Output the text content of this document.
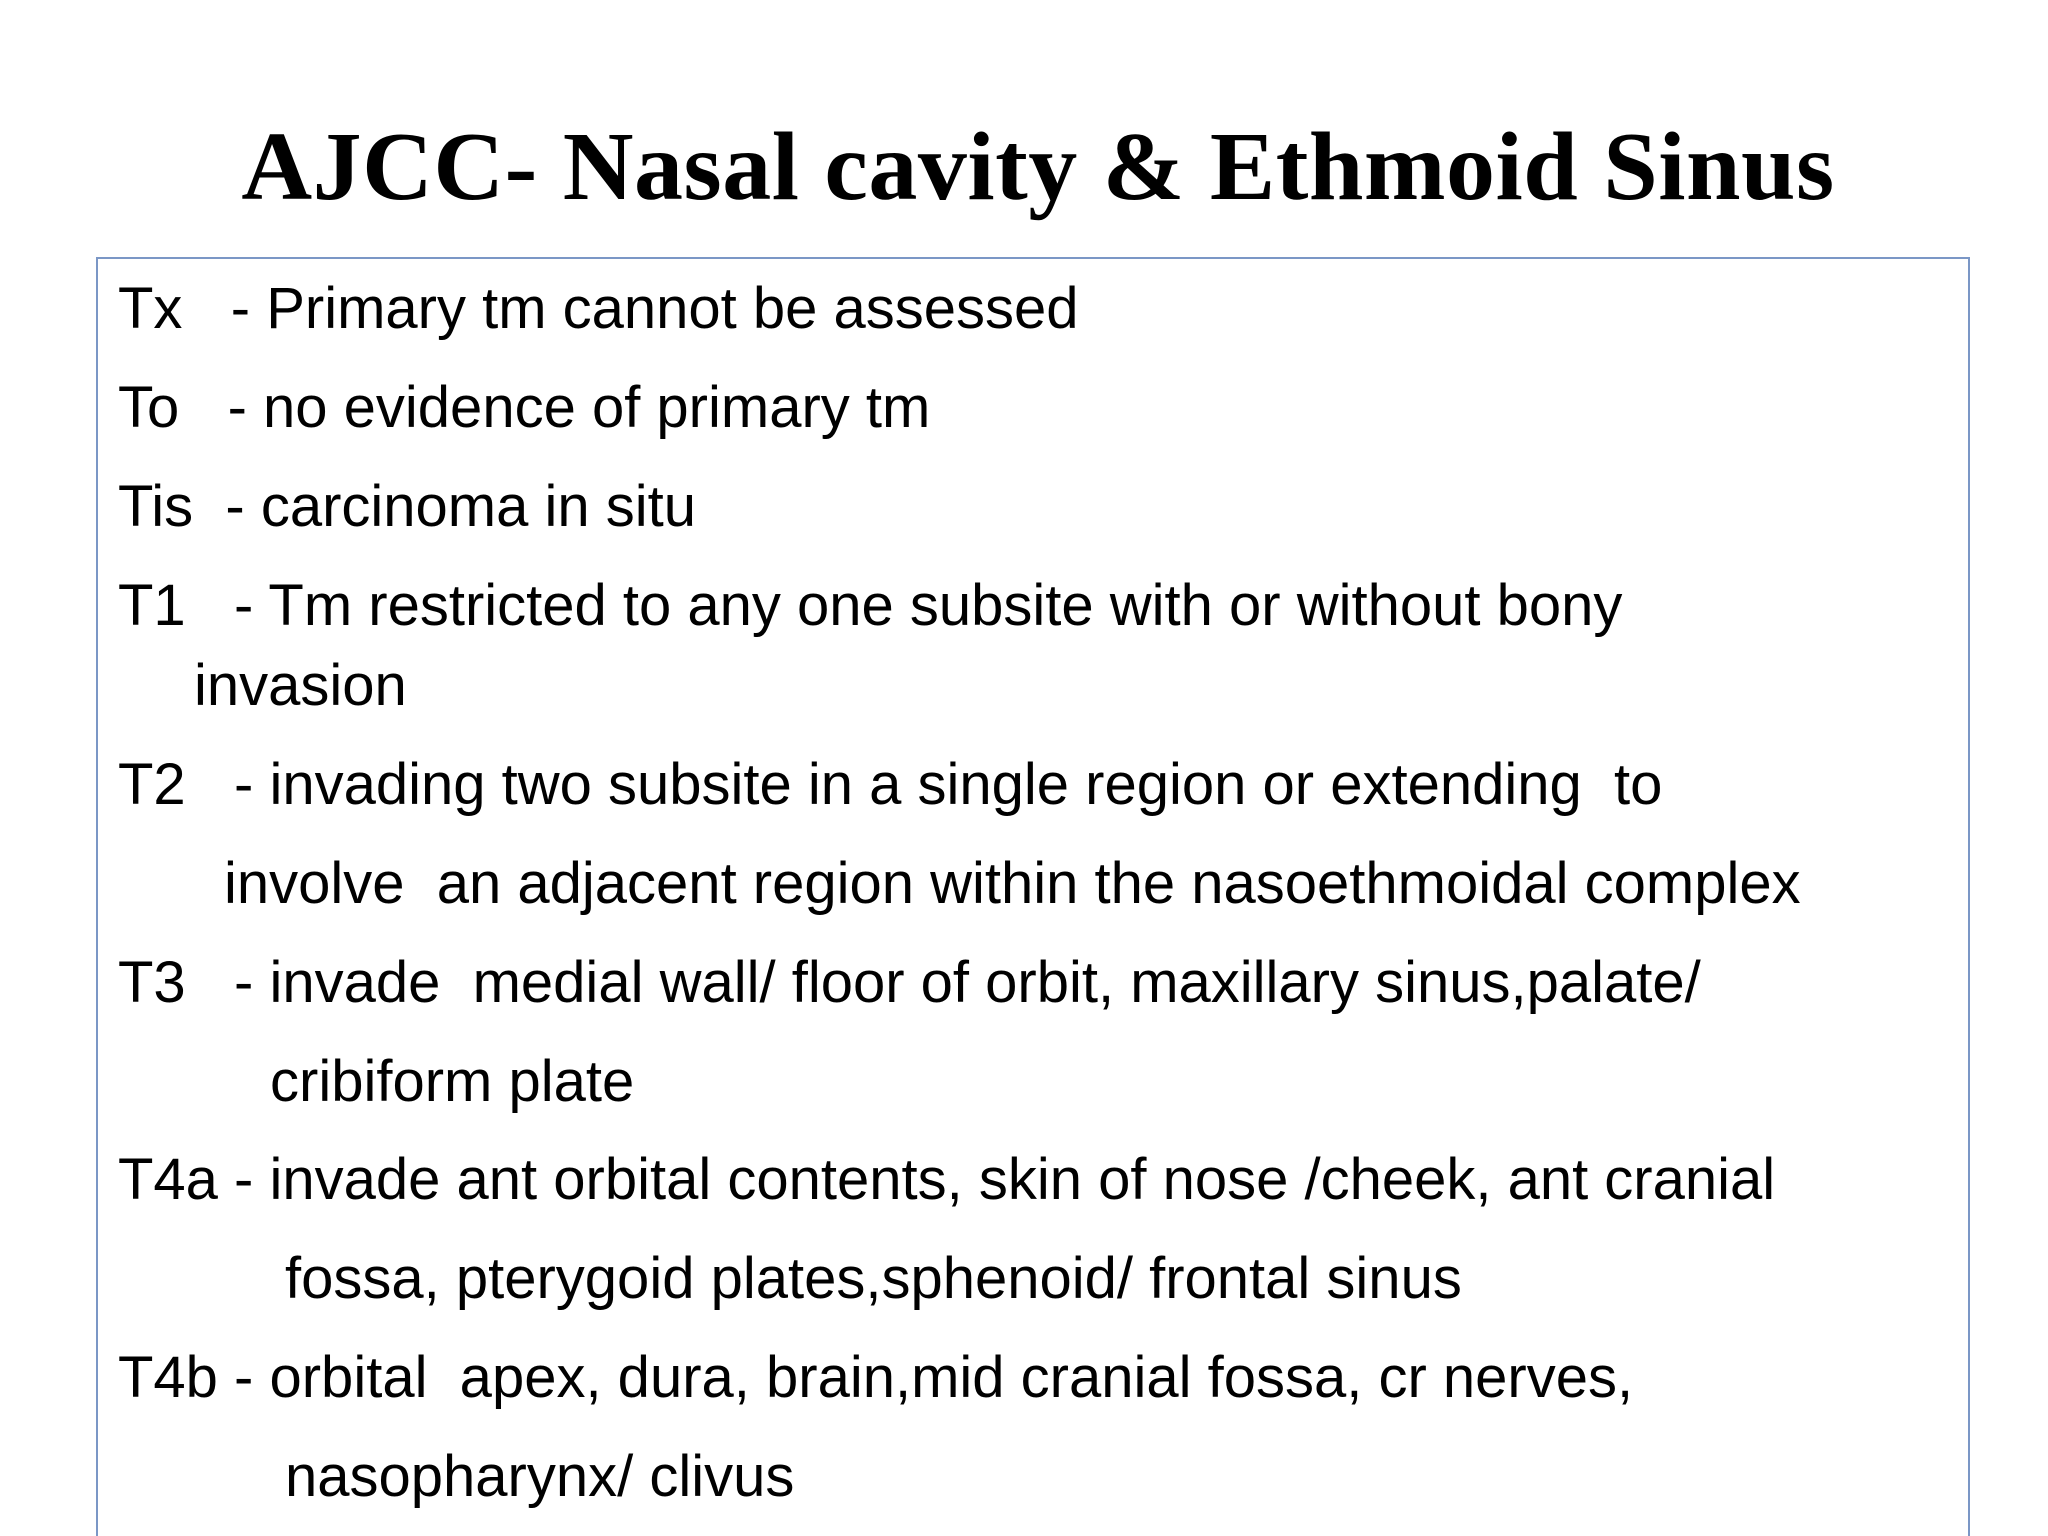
AJCC- Nasal cavity & Ethmoid Sinus
Tx   - Primary tm cannot be assessed
To   - no evidence of primary tm
Tis  - carcinoma in situ
T1   - Tm restricted to any one subsite with or without bony
invasion
T2   - invading two subsite in a single region or extending  to
involve  an adjacent region within the nasoethmoidal complex
T3   - invade  medial wall/ floor of orbit, maxillary sinus,palate/
cribiform plate
T4a - invade ant orbital contents, skin of nose /cheek, ant cranial
fossa, pterygoid plates,sphenoid/ frontal sinus
T4b - orbital  apex, dura, brain,mid cranial fossa, cr nerves,
nasopharynx/ clivus
